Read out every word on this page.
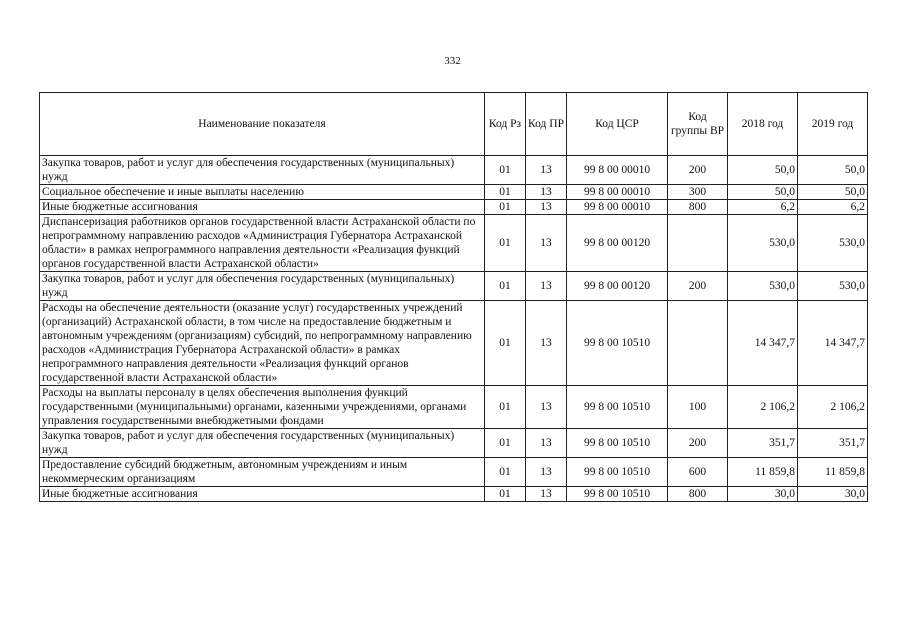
332
Наименование показателя	Код Рз	Код ПР	Код ЦСР	Код группы ВР	2018 год	2019 год
Закупка товаров, работ и услуг для обеспечения государственных (муниципальных) нужд	01	13	99 8 00 00010	200	50,0	50,0
Социальное обеспечение и иные выплаты населению	01	13	99 8 00 00010	300	50,0	50,0
Иные бюджетные ассигнования	01	13	99 8 00 00010	800	6,2	6,2
Диспансеризация работников органов государственной власти Астраханской области по непрограммному направлению расходов «Администрация Губернатора Астраханской области» в рамках непрограммного направления деятельности «Реализация функций органов государственной власти Астраханской области»	01	13	99 8 00 00120		530,0	530,0
Закупка товаров, работ и услуг для обеспечения государственных (муниципальных) нужд	01	13	99 8 00 00120	200	530,0	530,0
Расходы на обеспечение деятельности (оказание услуг) государственных учреждений (организаций) Астраханской области, в том числе на предоставление бюджетным и автономным учреждениям (организациям) субсидий, по непрограммному направлению расходов «Администрация Губернатора Астраханской области» в рамках непрограммного направления деятельности «Реализация функций органов государственной власти Астраханской области»	01	13	99 8 00 10510		14 347,7	14 347,7
Расходы на выплаты персоналу в целях обеспечения выполнения функций государственными (муниципальными) органами, казенными учреждениями, органами управления государственными внебюджетными фондами	01	13	99 8 00 10510	100	2 106,2	2 106,2
Закупка товаров, работ и услуг для обеспечения государственных (муниципальных) нужд	01	13	99 8 00 10510	200	351,7	351,7
Предоставление субсидий бюджетным, автономным учреждениям и иным некоммерческим организациям	01	13	99 8 00 10510	600	11 859,8	11 859,8
Иные бюджетные ассигнования	01	13	99 8 00 10510	800	30,0	30,0
